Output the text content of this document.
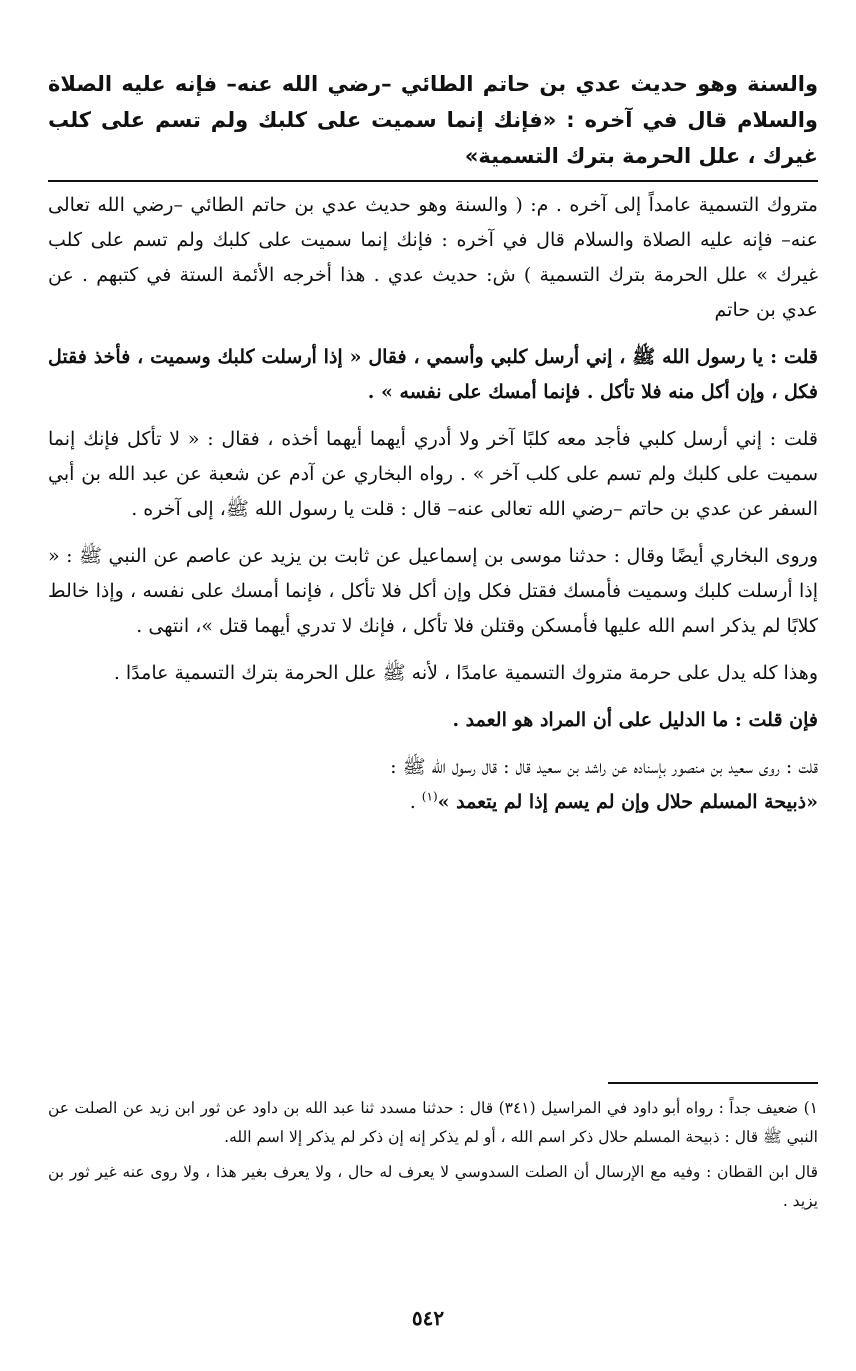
والسنة وهو حديث عدي بن حاتم الطائي –رضي الله عنه– فإنه عليه الصلاة والسلام قال في آخره : «فإنك إنما سميت على كلبك ولم تسم على كلب غيرك ، علل الحرمة بترك التسمية»

متروك التسمية عامداً إلى آخره . م: ( والسنة وهو حديث عدي بن حاتم الطائي –رضي الله تعالى عنه– فإنه عليه الصلاة والسلام قال في آخره : فإنك إنما سميت على كلبك ولم تسم على كلب غيرك » علل الحرمة بترك التسمية ) ش: حديث عدي . هذا أخرجه الأئمة الستة في كتبهم . عن عدي بن حاتم

قلت : يا رسول الله ﷺ ، إني أرسل كلبي وأسمي ، فقال « إذا أرسلت كلبك وسميت ، فأخذ فقتل فكل ، وإن أكل منه فلا تأكل . فإنما أمسك على نفسه » .

قلت : إني أرسل كلبي فأجد معه كلبًا آخر ولا أدري أيهما أيهما أخذه ، فقال : « لا تأكل فإنك إنما سميت على كلبك ولم تسم على كلب آخر » . رواه البخاري عن آدم عن شعبة عن عبد الله بن أبي السفر عن عدي بن حاتم –رضي الله تعالى عنه– قال : قلت يا رسول الله ﷺ، إلى آخره .

وروى البخاري أيضًا وقال : حدثنا موسى بن إسماعيل عن ثابت بن يزيد عن عاصم عن النبي ﷺ : « إذا أرسلت كلبك وسميت فأمسك فقتل فكل وإن أكل فلا تأكل ، فإنما أمسك على نفسه ، وإذا خالط كلابًا لم يذكر اسم الله عليها فأمسكن وقتلن فلا تأكل ، فإنك لا تدري أيهما قتل »، انتهى .

وهذا كله يدل على حرمة متروك التسمية عامدًا ، لأنه ﷺ علل الحرمة بترك التسمية عامدًا .

فإن قلت : ما الدليل على أن المراد هو العمد .

قلت : روى سعيد بن منصور بإسناده عن راشد بن سعيد قال : قال رسول الله ﷺ :

«ذبيحة المسلم حلال وإن لم يسم إذا لم يتعمد »$^{(١)}$ .

١) ضعيف جداً : رواه أبو داود في المراسيل (٣٤١) قال : حدثنا مسدد ثنا عبد الله بن داود عن ثور ابن زيد عن الصلت عن النبي ﷺ قال : ذبيحة المسلم حلال ذكر اسم الله ، أو لم يذكر إنه إن ذكر لم يذكر إلا اسم الله.

قال ابن القطان : وفيه مع الإرسال أن الصلت السدوسي لا يعرف له حال ، ولا يعرف بغير هذا ، ولا روى عنه غير ثور بن يزيد .

٥٤٢
